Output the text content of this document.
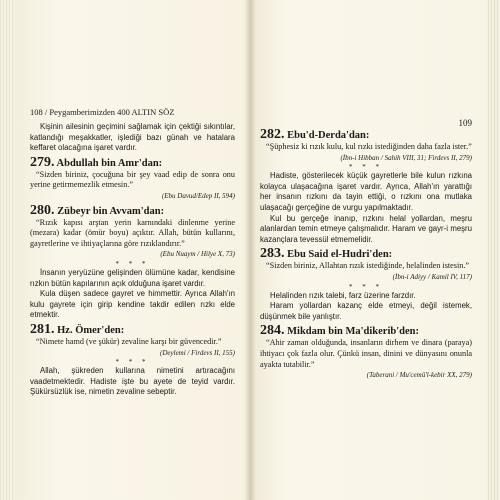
108 / Peygamberimizden 400 ALTIN SÖZ

Kişinin ailesinin geçimini sağlamak için çektiği sıkıntılar, katlandığı meşakkatler, işlediği bazı günah ve hatalara keffaret olacağına işaret vardır.

279. Abdullah bin Amr'dan:

“Sizden biriniz, çocuğuna bir şey vaad edip de sonra onu yerine getirmemezlik etmesin.”

(Ebu Davud/Edep II, 594)

280. Zübeyr bin Avvam'dan:

“Rızık kapısı arştan yerin karnındaki dinlenme yerine (mezara) kadar (ömür boyu) açıktır. Allah, bütün kullarını, gayretlerine ve ihtiyaçlarına göre rızıklandırır.”

(Ebu Nuaym / Hilye X, 73)

* * *

İnsanın yeryüzüne gelişinden ölümüne kadar, kendisine rızkın bütün kapılarının açık olduğuna işaret vardır.

Kula düşen sadece gayret ve himmettir. Ayrıca Allah'ın kulu gayrete için girip kendine takdir edilen rızkı elde etmektir.

281. Hz. Ömer'den:

“Nimete hamd (ve şükür) zevaline karşı bir güvencedir.”

(Deylemi / Firdevs II, 155)

* * *

Allah, şükreden kullarına nimetini artıracağını vaadetmektedir. Hadiste işte bu ayete de teyid vardır. Şükürsüzlük ise, nimetin zevaline sebeptir.

109
282. Ebu'd-Derda'dan:

“Şüphesiz ki rızık kulu, kul rızkı istediğinden daha fazla ister.”

(İbn-i Hibban / Sahih VIII, 31; Firdevs II, 279)

* * *

Hadiste, gösterilecek küçük gayretlerle bile kulun rızkına kolayca ulaşacağına işaret vardır. Ayrıca, Allah'ın yarattığı her insanın rızkını da tayin ettiği, o rızkını ona mutlaka ulaşacağı gerçeğine de vurgu yapılmaktadır.

Kul bu gerçeğe inanıp, rızkını helal yollardan, meşru alanlardan temin etmeye çalışmalıdır. Haram ve gayr-i meşru kazançlara tevessül etmemelidir.

283. Ebu Said el-Hudri'den:

“Sizden biriniz, Allahtan rızık istediğinde, helalinden istesin.”

(İbn-i Adiyy / Kamil IV, 117)

* * *

Helalinden rızık talebi, farz üzerine farzdır.

Haram yollardan kazanç elde etmeyi, değil istemek, düşünmek bile yanlıştır.

284. Mikdam bin Ma'dikerib'den:

“Ahir zaman olduğunda, insanların dirhem ve dinara (paraya) ihtiyacı çok fazla olur. Çünkü insan, dinini ve dünyasını onunla ayakta tutabilir.”

(Taberani / Mu'cemü'l-kebir XX, 279)
